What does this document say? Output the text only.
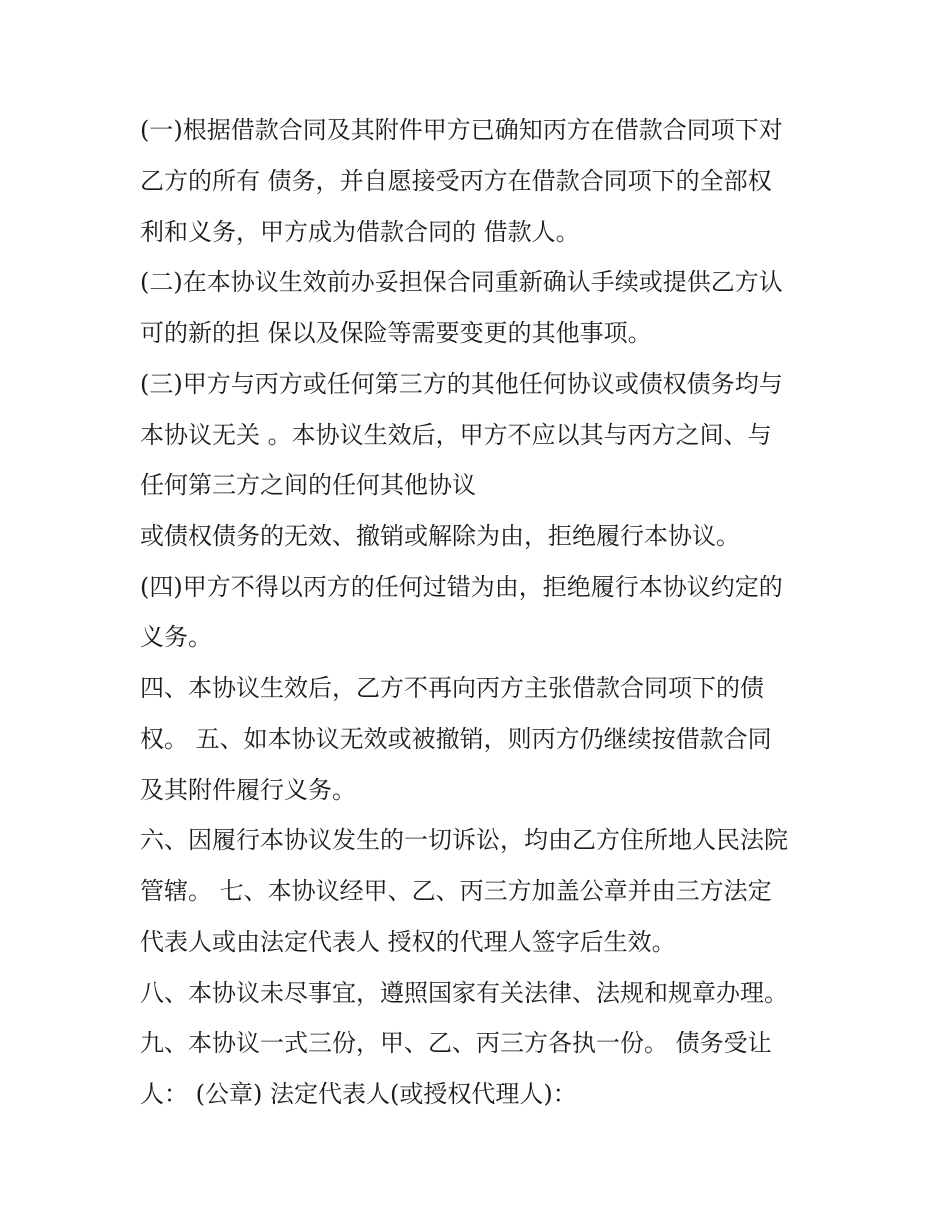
(一)根据借款合同及其附件甲方已确知丙方在借款合同项下对
乙方的所有 债务，并自愿接受丙方在借款合同项下的全部权
利和义务，甲方成为借款合同的 借款人。
(二)在本协议生效前办妥担保合同重新确认手续或提供乙方认
可的新的担 保以及保险等需要变更的其他事项。
(三)甲方与丙方或任何第三方的其他任何协议或债权债务均与
本协议无关 。本协议生效后，甲方不应以其与丙方之间、与
任何第三方之间的任何其他协议
或债权债务的无效、撤销或解除为由，拒绝履行本协议。
(四)甲方不得以丙方的任何过错为由，拒绝履行本协议约定的
义务。
四、本协议生效后，乙方不再向丙方主张借款合同项下的债
权。 五、如本协议无效或被撤销，则丙方仍继续按借款合同
及其附件履行义务。
六、因履行本协议发生的一切诉讼，均由乙方住所地人民法院
管辖。 七、本协议经甲、乙、丙三方加盖公章并由三方法定
代表人或由法定代表人 授权的代理人签字后生效。
八、本协议未尽事宜，遵照国家有关法律、法规和规章办理。
九、本协议一式三份，甲、乙、丙三方各执一份。 债务受让
人： (公章) 法定代表人(或授权代理人)：
